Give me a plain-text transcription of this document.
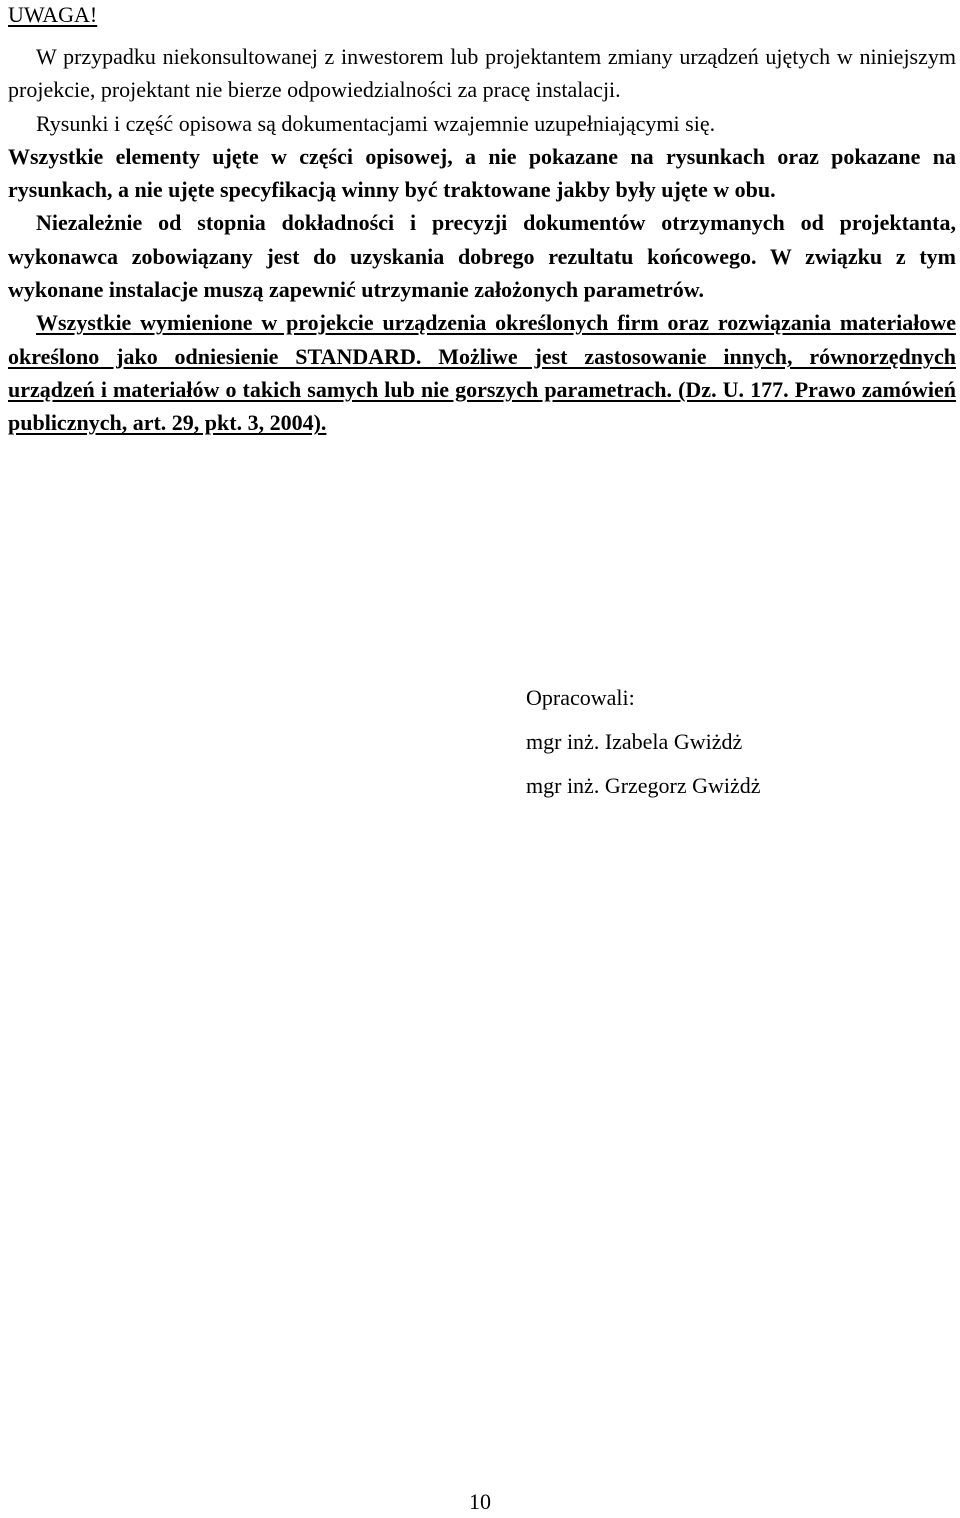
UWAGA!

W przypadku niekonsultowanej z inwestorem lub projektantem zmiany urządzeń ujętych w niniejszym projekcie, projektant nie bierze odpowiedzialności za pracę instalacji.

Rysunki i część opisowa są dokumentacjami wzajemnie uzupełniającymi się.

Wszystkie elementy ujęte w części opisowej, a nie pokazane na rysunkach oraz pokazane na rysunkach, a nie ujęte specyfikacją winny być traktowane jakby były ujęte w obu.

Niezależnie od stopnia dokładności i precyzji dokumentów otrzymanych od projektanta, wykonawca zobowiązany jest do uzyskania dobrego rezultatu końcowego. W związku z tym wykonane instalacje muszą zapewnić utrzymanie założonych parametrów.

Wszystkie wymienione w projekcie urządzenia określonych firm oraz rozwiązania materiałowe określono jako odniesienie STANDARD. Możliwe jest zastosowanie innych, równorzędnych urządzeń i materiałów o takich samych lub nie gorszych parametrach. (Dz. U. 177. Prawo zamówień publicznych, art. 29, pkt. 3, 2004).

Opracowali:
mgr inż. Izabela Gwiżdż
mgr inż. Grzegorz Gwiżdż
10
